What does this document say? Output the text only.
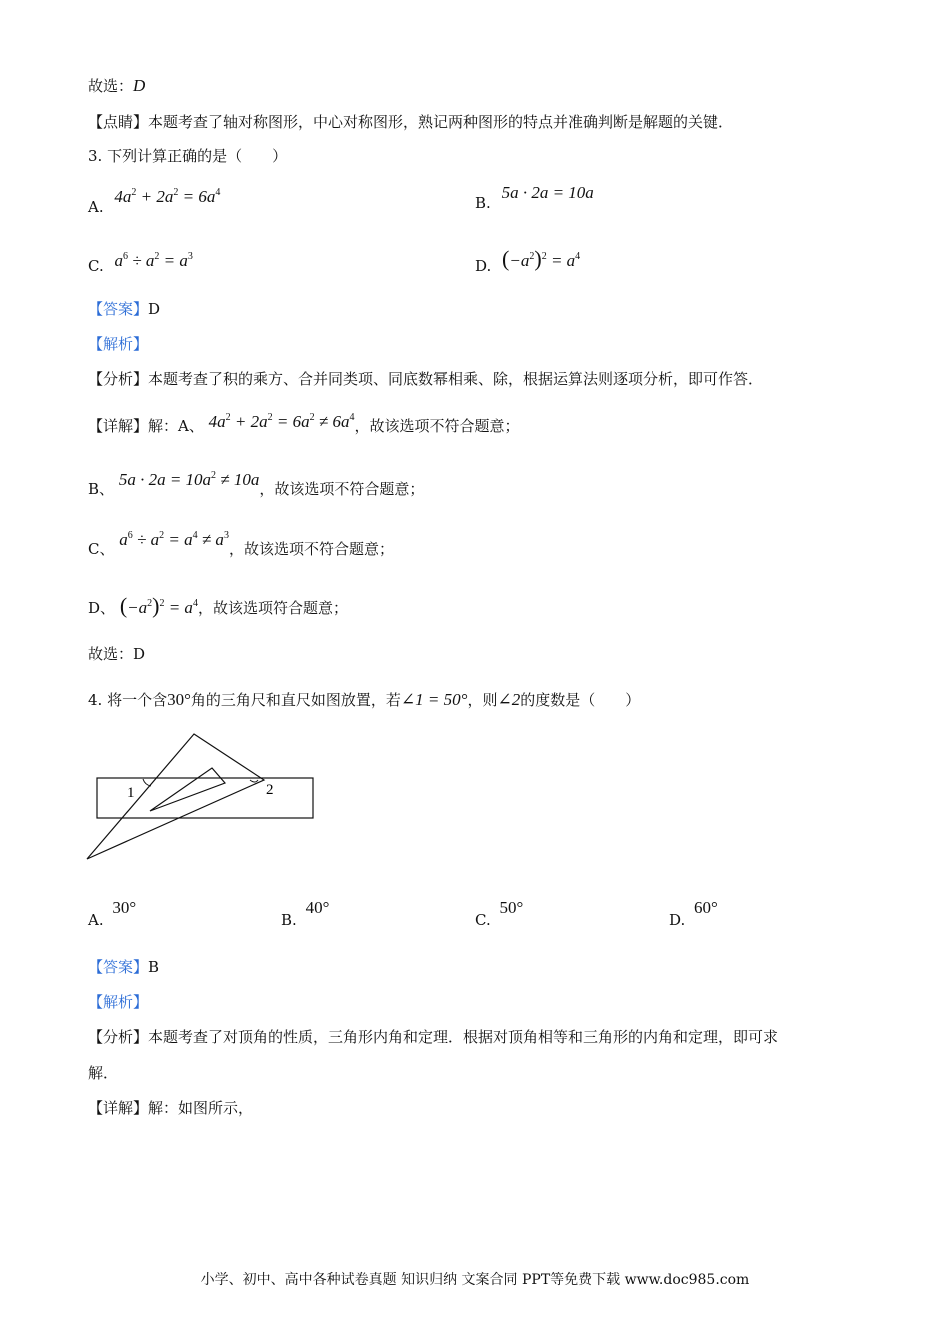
故选：D
【点睛】本题考查了轴对称图形，中心对称图形，熟记两种图形的特点并准确判断是解题的关键．
3. 下列计算正确的是（　　）
A. $4a^2 + 2a^2 = 6a^4$
B. 5a · 2a = 10a
C. $a^6 \div a^2 = a^3$
D. $(-a^2)^2 = a^4$
【答案】D
【解析】
【分析】本题考查了积的乘方、合并同类项、同底数幂相乘、除，根据运算法则逐项分析，即可作答．
【详解】解：A、 $4a^2 + 2a^2 = 6a^2 \ne 6a^4$，故该选项不符合题意；
B、 $5a \cdot 2a = 10a^2 \ne 10a$，故该选项不符合题意；
C、 $a^6 \div a^2 = a^4 \ne a^3$，故该选项不符合题意；
D、 $(-a^2)^2 = a^4$，故该选项符合题意；
故选：D
4. 将一个含30°角的三角尺和直尺如图放置，若∠1 = 50°，则∠2的度数是（　　）
1	2
A. 30°
B. 40°
C. 50°
D. 60°
【答案】B
【解析】
【分析】本题考查了对顶角的性质，三角形内角和定理．根据对顶角相等和三角形的内角和定理，即可求
解．
【详解】解：如图所示，
小学、初中、高中各种试卷真题 知识归纳 文案合同 PPT等免费下载 www.doc985.com
